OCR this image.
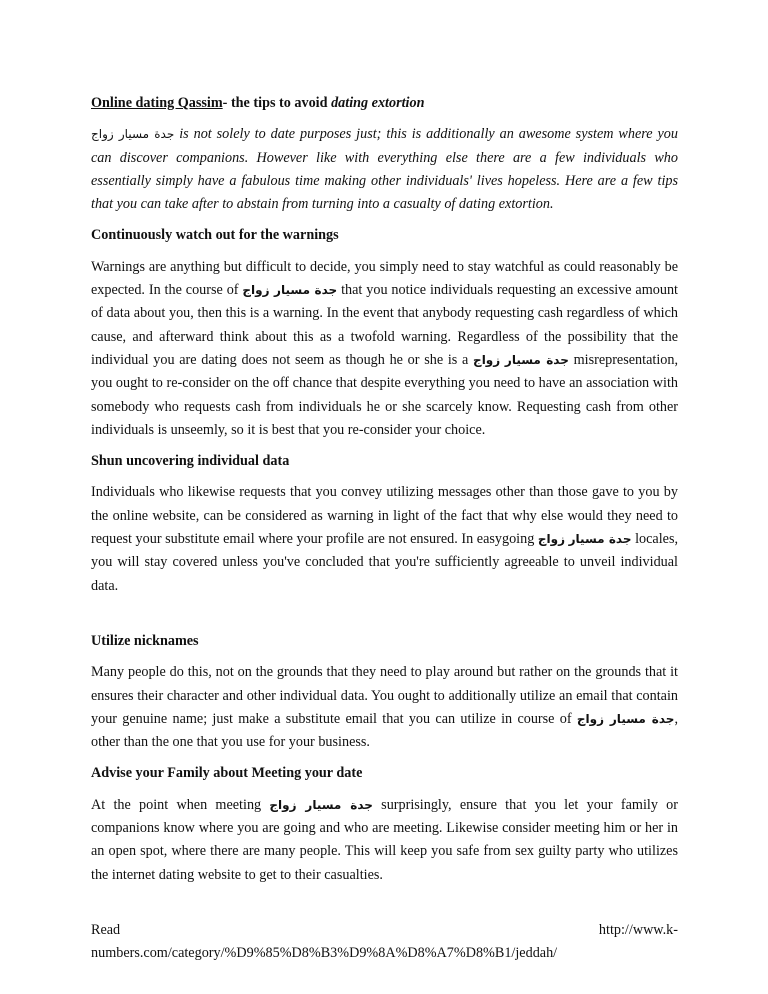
Online dating Qassim- the tips to avoid dating extortion

جدة مسيار زواج is not solely to date purposes just; this is additionally an awesome system where you can discover companions. However like with everything else there are a few individuals who essentially simply have a fabulous time making other individuals' lives hopeless. Here are a few tips that you can take after to abstain from turning into a casualty of dating extortion.

Continuously watch out for the warnings

Warnings are anything but difficult to decide, you simply need to stay watchful as could reasonably be expected. In the course of جدة مسيار زواج that you notice individuals requesting an excessive amount of data about you, then this is a warning. In the event that anybody requesting cash regardless of which cause, and afterward think about this as a twofold warning. Regardless of the possibility that the individual you are dating does not seem as though he or she is a زواج جدة مسيار misrepresentation, you ought to re-consider on the off chance that despite everything you need to have an association with somebody who requests cash from individuals he or she scarcely know. Requesting cash from other individuals is unseemly, so it is best that you re-consider your choice.

Shun uncovering individual data

Individuals who likewise requests that you convey utilizing messages other than those gave to you by the online website, can be considered as warning in light of the fact that why else would they need to request your substitute email where your profile are not ensured. In easygoing زواج جدة مسيار locales, you will stay covered unless you've concluded that you're sufficiently agreeable to unveil individual data.

Utilize nicknames

Many people do this, not on the grounds that they need to play around but rather on the grounds that it ensures their character and other individual data. You ought to additionally utilize an email that contain your genuine name; just make a substitute email that you can utilize in course of جدة مسيار زواج, other than the one that you use for your business.

Advise your Family about Meeting your date

At the point when meeting جدة مسيار زواج surprisingly, ensure that you let your family or companions know where you are going and who are meeting. Likewise consider meeting him or her in an open spot, where there are many people. This will keep you safe from sex guilty party who utilizes the internet dating website to get to their casualties.

Read	http://www.k-

numbers.com/category/%D9%85%D8%B3%D9%8A%D8%A7%D8%B1/jeddah/
